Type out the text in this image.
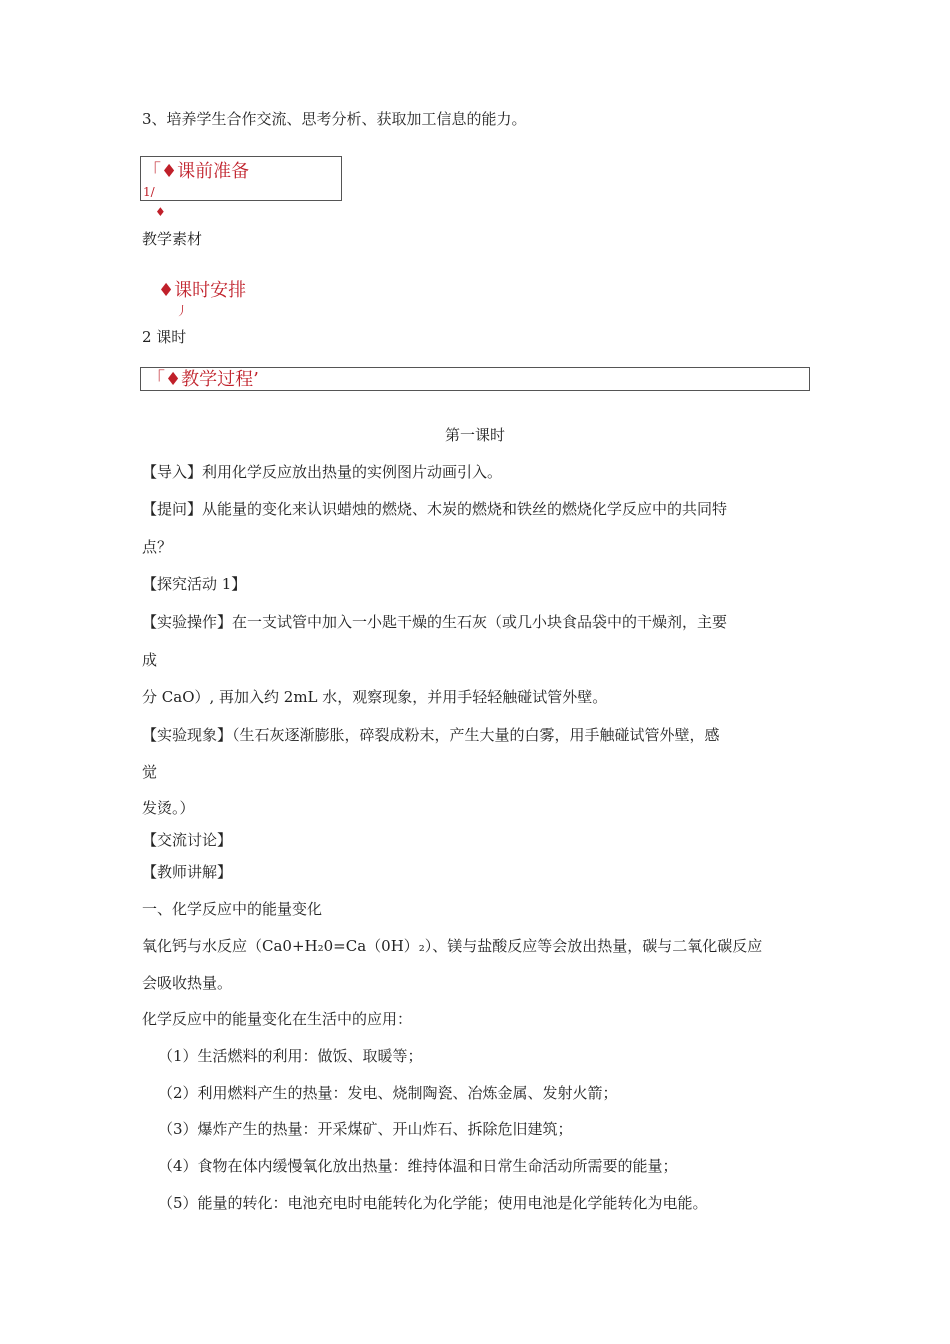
3、培养学生合作交流、思考分析、获取加工信息的能力。
「♦课前准备
1/
♦
教学素材
♦课时安排
丿
2 课时
「♦教学过程’
第一课时
【导入】利用化学反应放出热量的实例图片动画引入。
【提问】从能量的变化来认识蜡烛的燃烧、木炭的燃烧和铁丝的燃烧化学反应中的共同特
点？
【探究活动 1】
【实验操作】在一支试管中加入一小匙干燥的生石灰（或几小块食品袋中的干燥剂，主要
成
分 CaO）, 再加入约 2mL 水，观察现象，并用手轻轻触碰试管外壁。
【实验现象】（生石灰逐渐膨胀，碎裂成粉末，产生大量的白雾，用手触碰试管外壁，感
觉
发烫。）
【交流讨论】
【教师讲解】
一、化学反应中的能量变化
氧化钙与水反应（Ca0+H₂0=Ca（0H）₂）、镁与盐酸反应等会放出热量，碳与二氧化碳反应
会吸收热量。
化学反应中的能量变化在生活中的应用：
（1）生活燃料的利用：做饭、取暖等；
（2）利用燃料产生的热量：发电、烧制陶瓷、冶炼金属、发射火箭；
（3）爆炸产生的热量：开采煤矿、开山炸石、拆除危旧建筑；
（4）食物在体内缓慢氧化放出热量：维持体温和日常生命活动所需要的能量；
（5）能量的转化：电池充电时电能转化为化学能；使用电池是化学能转化为电能。
